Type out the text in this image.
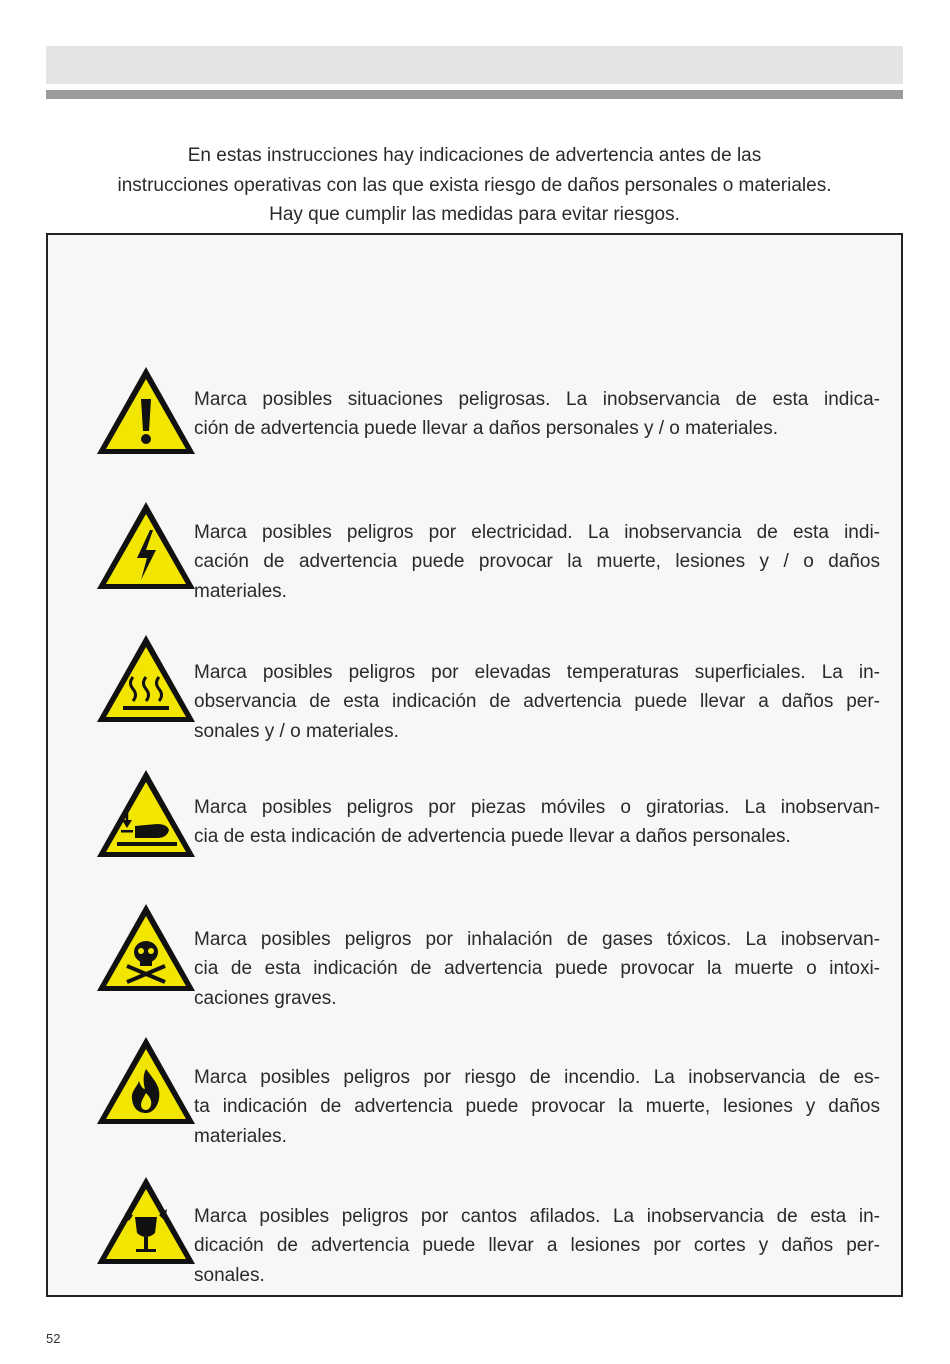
En estas instrucciones hay indicaciones de advertencia antes de las
instrucciones operativas con las que exista riesgo de daños personales o materiales.
Hay que cumplir las medidas para evitar riesgos.
Marca posibles situaciones peligrosas. La inobservancia de esta indica-
ción de advertencia puede llevar a daños personales y / o materiales.
Marca posibles peligros por electricidad. La inobservancia de esta indi-
cación de advertencia puede provocar la muerte, lesiones y / o daños
materiales.
Marca posibles peligros por elevadas temperaturas superficiales. La in-
observancia de esta indicación de advertencia puede llevar a daños per-
sonales y / o materiales.
Marca posibles peligros por piezas móviles o giratorias. La inobservan-
cia de esta indicación de advertencia puede llevar a daños personales.
Marca posibles peligros por inhalación de gases tóxicos. La inobservan-
cia de esta indicación de advertencia puede provocar la muerte o intoxi-
caciones graves.
Marca posibles peligros por riesgo de incendio. La inobservancia de es-
ta indicación de advertencia puede provocar la muerte, lesiones y daños
materiales.
Marca posibles peligros por cantos afilados. La inobservancia de esta in-
dicación de advertencia puede llevar a lesiones por cortes y daños per-
sonales.
52
